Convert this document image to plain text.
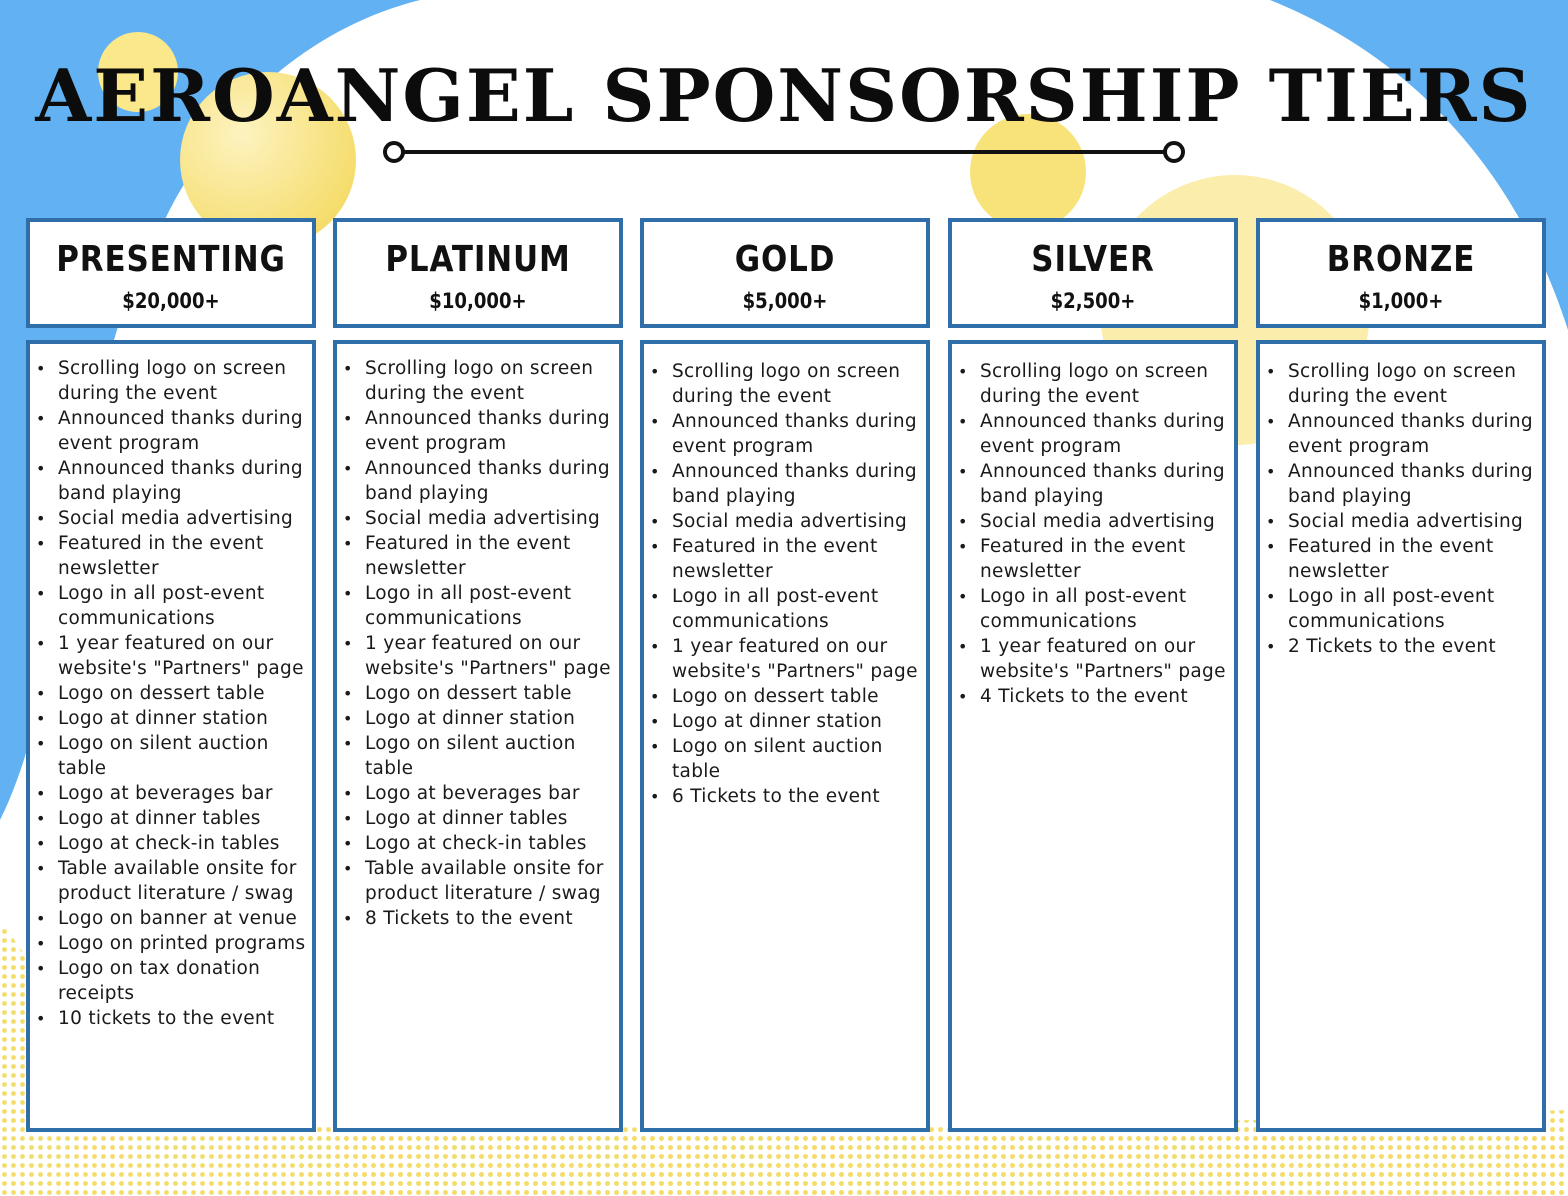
AEROANGEL SPONSORSHIP TIERS
PRESENTING
$20,000+
PLATINUM
$10,000+
GOLD
$5,000+
SILVER
$2,500+
BRONZE
$1,000+
• Scrolling logo on screen during the event
• Announced thanks during event program
• Announced thanks during band playing
• Social media advertising
• Featured in the event newsletter
• Logo in all post-event communications
• 1 year featured on our website's "Partners" page
• Logo on dessert table
• Logo at dinner station
• Logo on silent auction table
• Logo at beverages bar
• Logo at dinner tables
• Logo at check-in tables
• Table available onsite for product literature / swag
• Logo on banner at venue
• Logo on printed programs
• Logo on tax donation receipts
• 10 tickets to the event
• Scrolling logo on screen during the event
• Announced thanks during event program
• Announced thanks during band playing
• Social media advertising
• Featured in the event newsletter
• Logo in all post-event communications
• 1 year featured on our website's "Partners" page
• Logo on dessert table
• Logo at dinner station
• Logo on silent auction table
• Logo at beverages bar
• Logo at dinner tables
• Logo at check-in tables
• Table available onsite for product literature / swag
• 8 Tickets to the event
• Scrolling logo on screen during the event
• Announced thanks during event program
• Announced thanks during band playing
• Social media advertising
• Featured in the event newsletter
• Logo in all post-event communications
• 1 year featured on our website's "Partners" page
• Logo on dessert table
• Logo at dinner station
• Logo on silent auction table
• 6 Tickets to the event
• Scrolling logo on screen during the event
• Announced thanks during event program
• Announced thanks during band playing
• Social media advertising
• Featured in the event newsletter
• Logo in all post-event communications
• 1 year featured on our website's "Partners" page
• 4 Tickets to the event
• Scrolling logo on screen during the event
• Announced thanks during event program
• Announced thanks during band playing
• Social media advertising
• Featured in the event newsletter
• Logo in all post-event communications
• 2 Tickets to the event
